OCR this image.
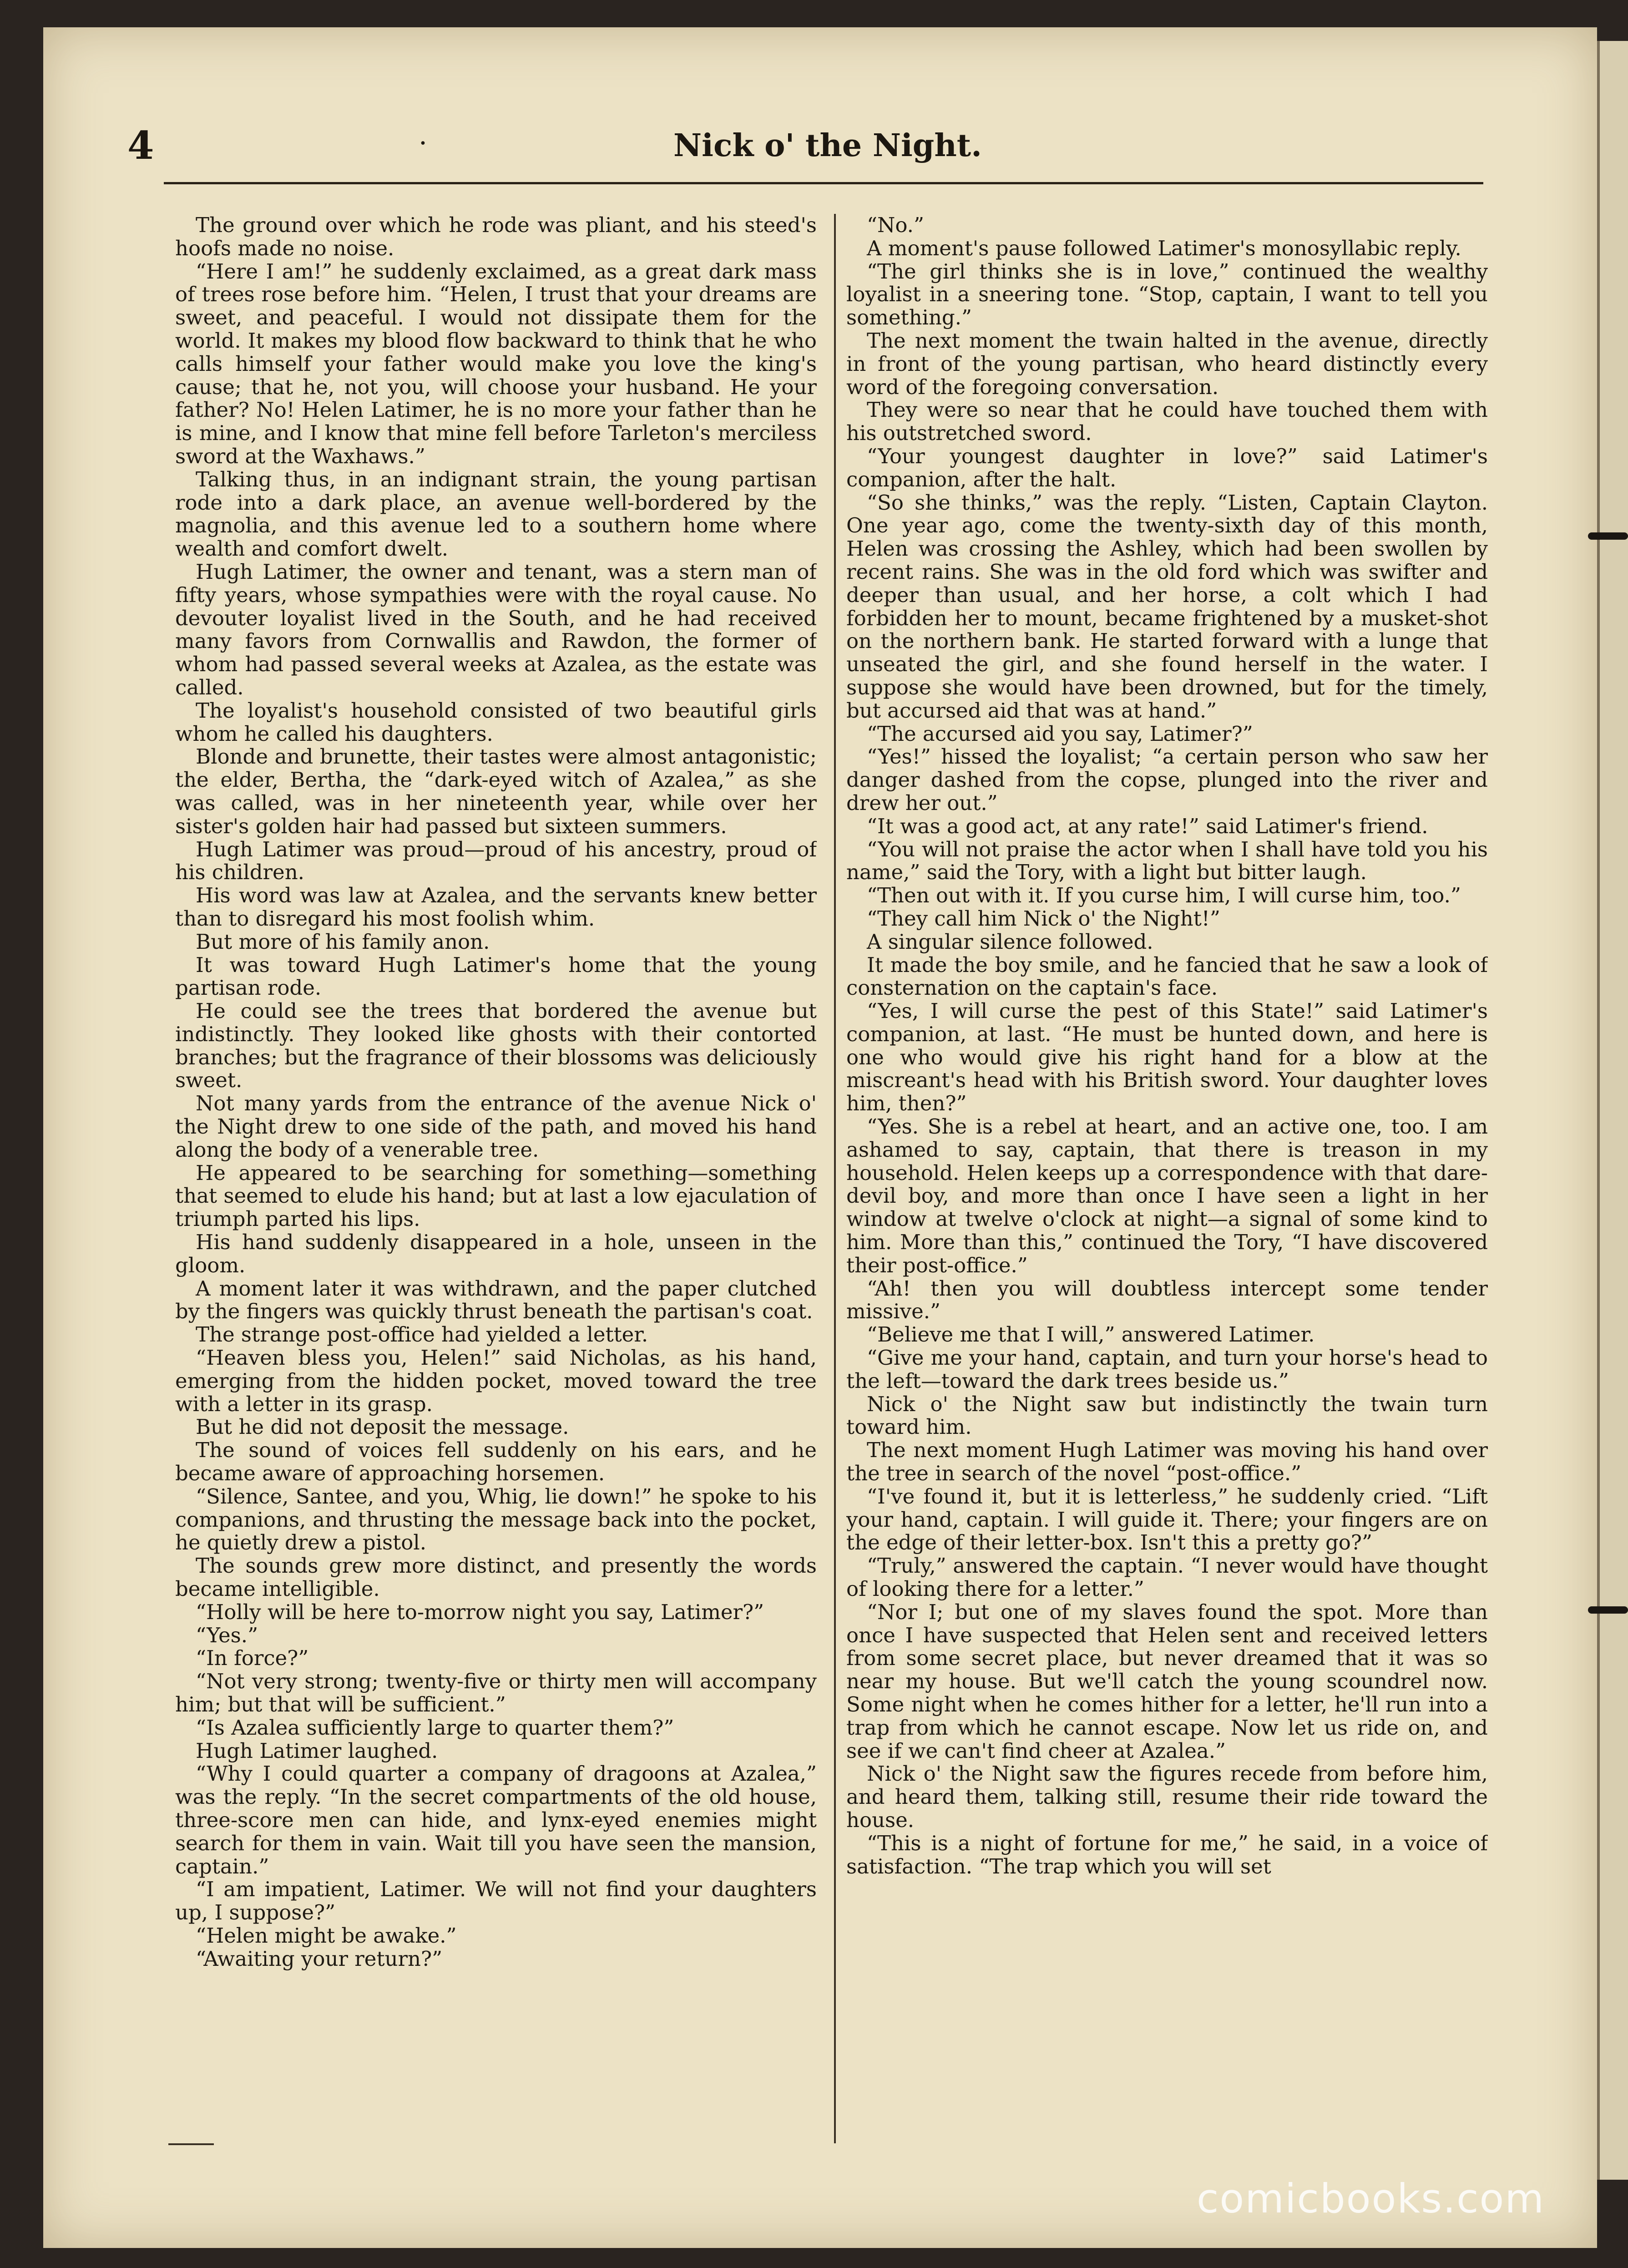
4	·	Nick o' the Night.

The ground over which he rode was pliant, and his steed's hoofs made no noise.

“Here I am!” he suddenly exclaimed, as a great dark mass of trees rose before him. “Helen, I trust that your dreams are sweet, and peaceful. I would not dissipate them for the world. It makes my blood flow backward to think that he who calls himself your father would make you love the king's cause; that he, not you, will choose your husband. He your father? No! Helen Latimer, he is no more your father than he is mine, and I know that mine fell before Tarleton's merciless sword at the Waxhaws.”

Talking thus, in an indignant strain, the young partisan rode into a dark place, an avenue well-bordered by the magnolia, and this avenue led to a southern home where wealth and comfort dwelt.

Hugh Latimer, the owner and tenant, was a stern man of fifty years, whose sympathies were with the royal cause. No devouter loyalist lived in the South, and he had received many favors from Cornwallis and Rawdon, the former of whom had passed several weeks at Azalea, as the estate was called.

The loyalist's household consisted of two beautiful girls whom he called his daughters.

Blonde and brunette, their tastes were almost antagonistic; the elder, Bertha, the “dark-eyed witch of Azalea,” as she was called, was in her nineteenth year, while over her sister's golden hair had passed but sixteen summers.

Hugh Latimer was proud—proud of his ancestry, proud of his children.

His word was law at Azalea, and the servants knew better than to disregard his most foolish whim.

But more of his family anon.

It was toward Hugh Latimer's home that the young partisan rode.

He could see the trees that bordered the avenue but indistinctly. They looked like ghosts with their contorted branches; but the fragrance of their blossoms was deliciously sweet.

Not many yards from the entrance of the avenue Nick o' the Night drew to one side of the path, and moved his hand along the body of a venerable tree.

He appeared to be searching for something—something that seemed to elude his hand; but at last a low ejaculation of triumph parted his lips.

His hand suddenly disappeared in a hole, unseen in the gloom.

A moment later it was withdrawn, and the paper clutched by the fingers was quickly thrust beneath the partisan's coat.

The strange post-office had yielded a letter.

“Heaven bless you, Helen!” said Nicholas, as his hand, emerging from the hidden pocket, moved toward the tree with a letter in its grasp.

But he did not deposit the message.

The sound of voices fell suddenly on his ears, and he became aware of approaching horsemen.

“Silence, Santee, and you, Whig, lie down!” he spoke to his companions, and thrusting the message back into the pocket, he quietly drew a pistol.

The sounds grew more distinct, and presently the words became intelligible.

“Holly will be here to-morrow night you say, Latimer?”

“Yes.”

“In force?”

“Not very strong; twenty-five or thirty men will accompany him; but that will be sufficient.”

“Is Azalea sufficiently large to quarter them?”

Hugh Latimer laughed.

“Why I could quarter a company of dragoons at Azalea,” was the reply. “In the secret compartments of the old house, three-score men can hide, and lynx-eyed enemies might search for them in vain. Wait till you have seen the mansion, captain.”

“I am impatient, Latimer. We will not find your daughters up, I suppose?”

“Helen might be awake.”

“Awaiting your return?”

“No.”

A moment's pause followed Latimer's monosyllabic reply.

“The girl thinks she is in love,” continued the wealthy loyalist in a sneering tone. “Stop, captain, I want to tell you something.”

The next moment the twain halted in the avenue, directly in front of the young partisan, who heard distinctly every word of the foregoing conversation.

They were so near that he could have touched them with his outstretched sword.

“Your youngest daughter in love?” said Latimer's companion, after the halt.

“So she thinks,” was the reply. “Listen, Captain Clayton. One year ago, come the twenty-sixth day of this month, Helen was crossing the Ashley, which had been swollen by recent rains. She was in the old ford which was swifter and deeper than usual, and her horse, a colt which I had forbidden her to mount, became frightened by a musket-shot on the northern bank. He started forward with a lunge that unseated the girl, and she found herself in the water. I suppose she would have been drowned, but for the timely, but accursed aid that was at hand.”

“The accursed aid you say, Latimer?”

“Yes!” hissed the loyalist; “a certain person who saw her danger dashed from the copse, plunged into the river and drew her out.”

“It was a good act, at any rate!” said Latimer's friend.

“You will not praise the actor when I shall have told you his name,” said the Tory, with a light but bitter laugh.

“Then out with it. If you curse him, I will curse him, too.”

“They call him Nick o' the Night!”

A singular silence followed.

It made the boy smile, and he fancied that he saw a look of consternation on the captain's face.

“Yes, I will curse the pest of this State!” said Latimer's companion, at last. “He must be hunted down, and here is one who would give his right hand for a blow at the miscreant's head with his British sword. Your daughter loves him, then?”

“Yes. She is a rebel at heart, and an active one, too. I am ashamed to say, captain, that there is treason in my household. Helen keeps up a correspondence with that dare-devil boy, and more than once I have seen a light in her window at twelve o'clock at night—a signal of some kind to him. More than this,” continued the Tory, “I have discovered their post-office.”

“Ah! then you will doubtless intercept some tender missive.”

“Believe me that I will,” answered Latimer.

“Give me your hand, captain, and turn your horse's head to the left—toward the dark trees beside us.”

Nick o' the Night saw but indistinctly the twain turn toward him.

The next moment Hugh Latimer was moving his hand over the tree in search of the novel “post-office.”

“I've found it, but it is letterless,” he suddenly cried. “Lift your hand, captain. I will guide it. There; your fingers are on the edge of their letter-box. Isn't this a pretty go?”

“Truly,” answered the captain. “I never would have thought of looking there for a letter.”

“Nor I; but one of my slaves found the spot. More than once I have suspected that Helen sent and received letters from some secret place, but never dreamed that it was so near my house. But we'll catch the young scoundrel now. Some night when he comes hither for a letter, he'll run into a trap from which he cannot escape. Now let us ride on, and see if we can't find cheer at Azalea.”

Nick o' the Night saw the figures recede from before him, and heard them, talking still, resume their ride toward the house.

“This is a night of fortune for me,” he said, in a voice of satisfaction. “The trap which you will set

comicbooks.com
